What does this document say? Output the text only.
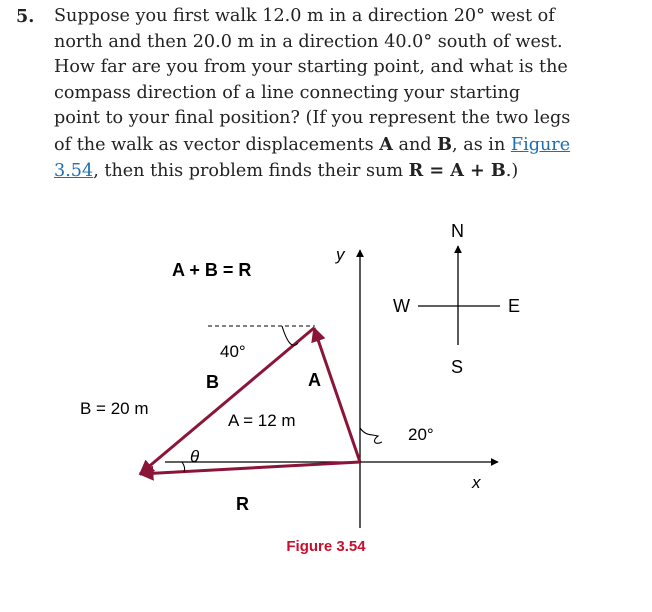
5.	Suppose you first walk 12.0 m in a direction 20° west of
north and then 20.0 m in a direction 40.0° south of west.
How far are you from your starting point, and what is the
compass direction of a line connecting your starting
point to your final position? (If you represent the two legs
of the walk as vector displacements A and B, as in Figure
3.54, then this problem finds their sum R = A + B.)
y
x
N
S
W	E
A + B = R
40°
B	A
B = 20 m
A = 12 m
20°
θ
R
Figure 3.54
